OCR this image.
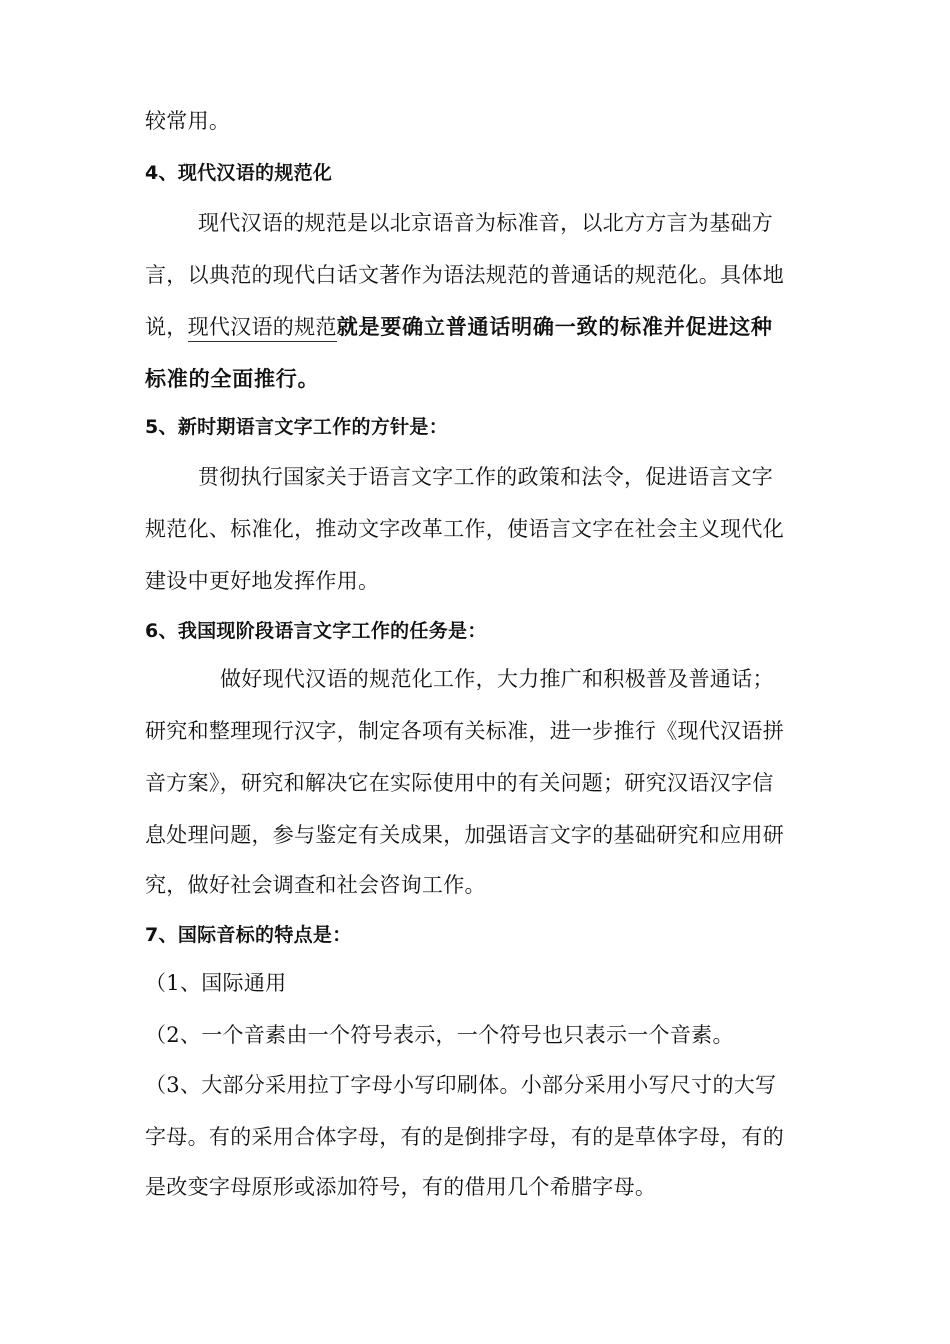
较常用。
4、现代汉语的规范化
现代汉语的规范是以北京语音为标准音，以北方方言为基础方
言，以典范的现代白话文著作为语法规范的普通话的规范化。具体地
说，现代汉语的规范就是要确立普通话明确一致的标准并促进这种
标准的全面推行。
5、新时期语言文字工作的方针是：
贯彻执行国家关于语言文字工作的政策和法令，促进语言文字
规范化、标准化，推动文字改革工作，使语言文字在社会主义现代化
建设中更好地发挥作用。
6、我国现阶段语言文字工作的任务是：
做好现代汉语的规范化工作，大力推广和积极普及普通话；
研究和整理现行汉字，制定各项有关标准，进一步推行《现代汉语拼
音方案》，研究和解决它在实际使用中的有关问题；研究汉语汉字信
息处理问题，参与鉴定有关成果，加强语言文字的基础研究和应用研
究，做好社会调查和社会咨询工作。
7、国际音标的特点是：
（1、国际通用
（2、一个音素由一个符号表示，一个符号也只表示一个音素。
（3、大部分采用拉丁字母小写印刷体。小部分采用小写尺寸的大写
字母。有的采用合体字母，有的是倒排字母，有的是草体字母，有的
是改变字母原形或添加符号，有的借用几个希腊字母。
